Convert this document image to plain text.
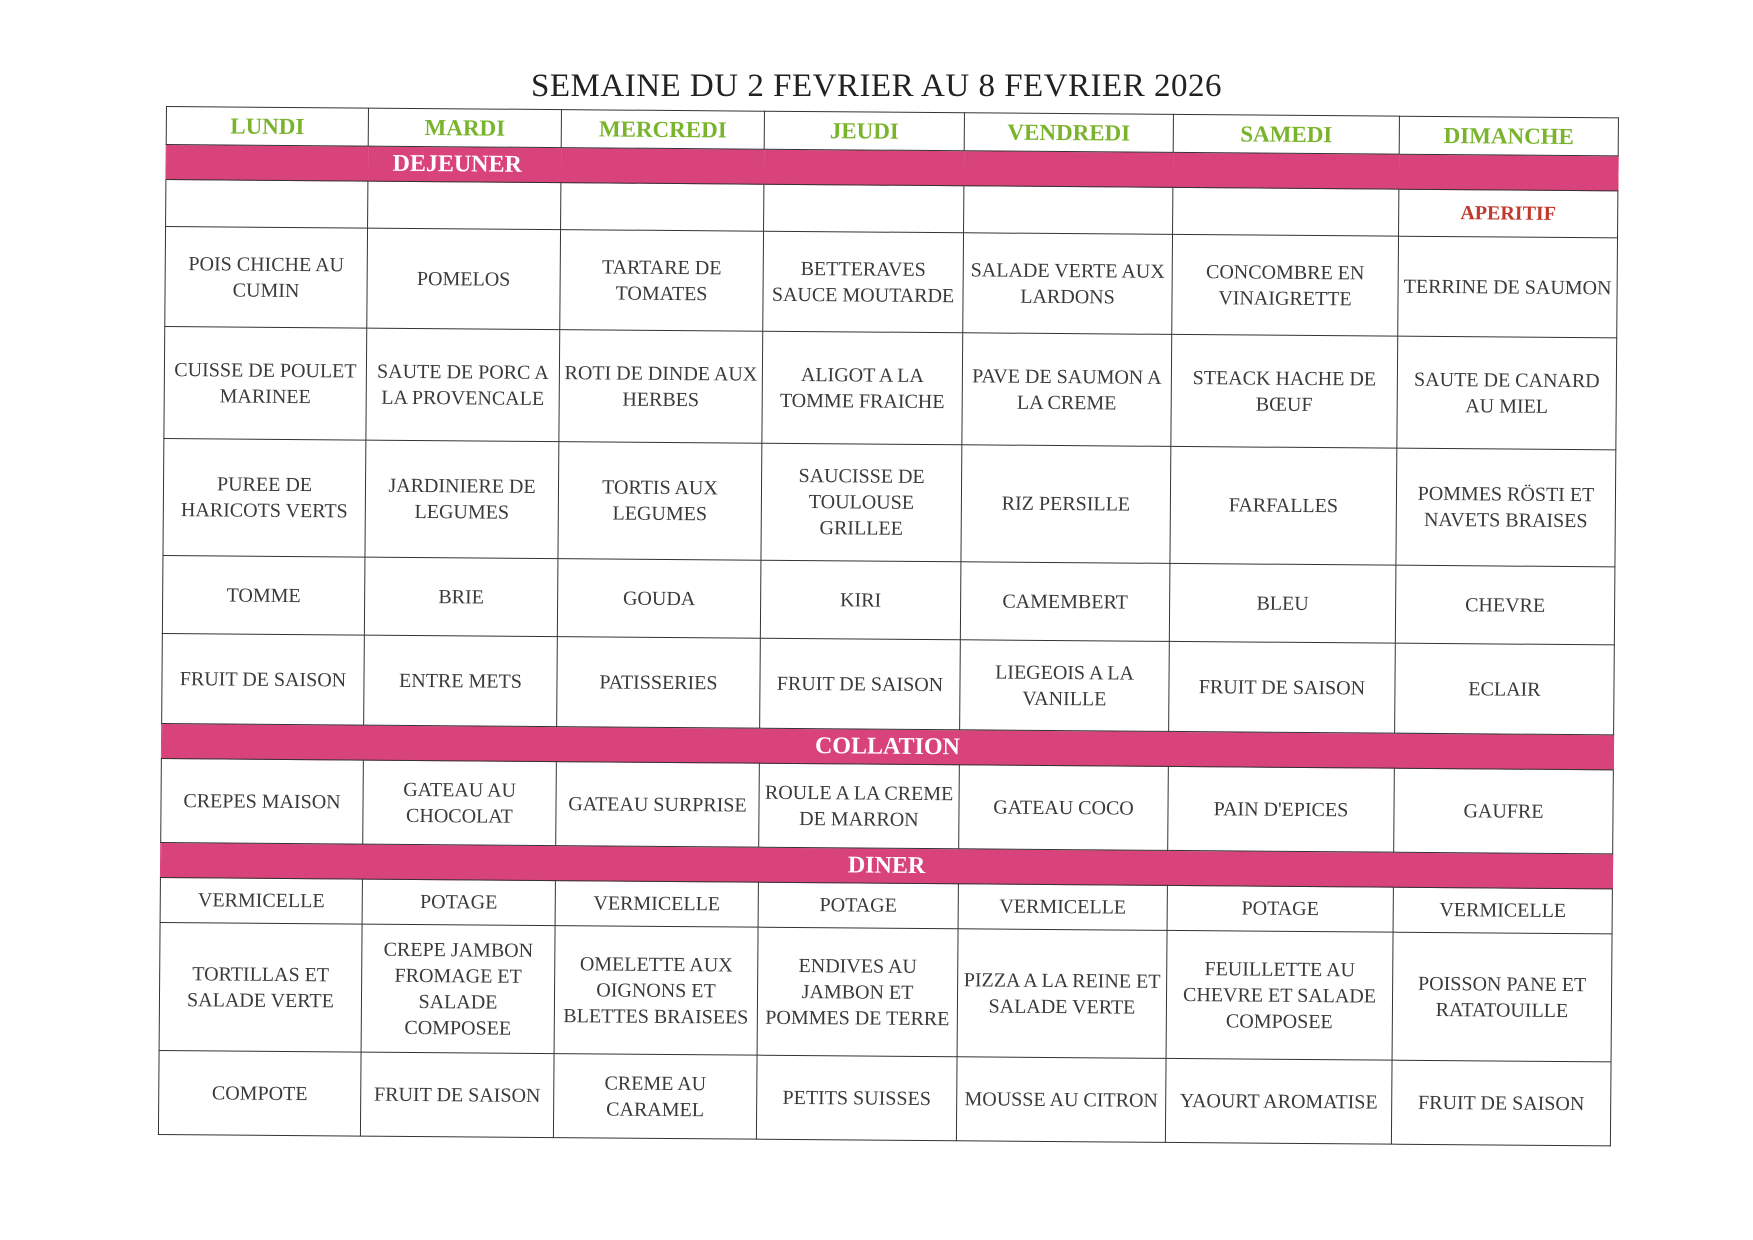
SEMAINE DU 2 FEVRIER AU 8 FEVRIER 2026
LUNDI	MARDI	MERCREDI	JEUDI	VENDREDI	SAMEDI	DIMANCHE
	DEJEUNER					
						APERITIF
POIS CHICHE AU CUMIN	POMELOS	TARTARE DE TOMATES	BETTERAVES SAUCE MOUTARDE	SALADE VERTE AUX LARDONS	CONCOMBRE EN VINAIGRETTE	TERRINE DE SAUMON
CUISSE DE POULET MARINEE	SAUTE DE PORC A LA PROVENCALE	ROTI DE DINDE AUX HERBES	ALIGOT A LA TOMME FRAICHE	PAVE DE SAUMON A LA CREME	STEACK HACHE DE BŒUF	SAUTE DE CANARD AU MIEL
PUREE DE HARICOTS VERTS	JARDINIERE DE LEGUMES	TORTIS AUX LEGUMES	SAUCISSE DE TOULOUSE GRILLEE	RIZ PERSILLE	FARFALLES	POMMES RÖSTI ET NAVETS BRAISES
TOMME	BRIE	GOUDA	KIRI	CAMEMBERT	BLEU	CHEVRE
FRUIT DE SAISON	ENTRE METS	PATISSERIES	FRUIT DE SAISON	LIEGEOIS A LA VANILLE	FRUIT DE SAISON	ECLAIR
COLLATION						
CREPES MAISON	GATEAU AU CHOCOLAT	GATEAU SURPRISE	ROULE A LA CREME DE MARRON	GATEAU COCO	PAIN D'EPICES	GAUFRE
DINER						
VERMICELLE	POTAGE	VERMICELLE	POTAGE	VERMICELLE	POTAGE	VERMICELLE
TORTILLAS ET SALADE VERTE	CREPE JAMBON FROMAGE ET SALADE COMPOSEE	OMELETTE AUX OIGNONS ET BLETTES BRAISEES	ENDIVES AU JAMBON ET POMMES DE TERRE	PIZZA A LA REINE ET SALADE VERTE	FEUILLETTE AU CHEVRE ET SALADE COMPOSEE	POISSON PANE ET RATATOUILLE
COMPOTE	FRUIT DE SAISON	CREME AU CARAMEL	PETITS SUISSES	MOUSSE AU CITRON	YAOURT AROMATISE	FRUIT DE SAISON
